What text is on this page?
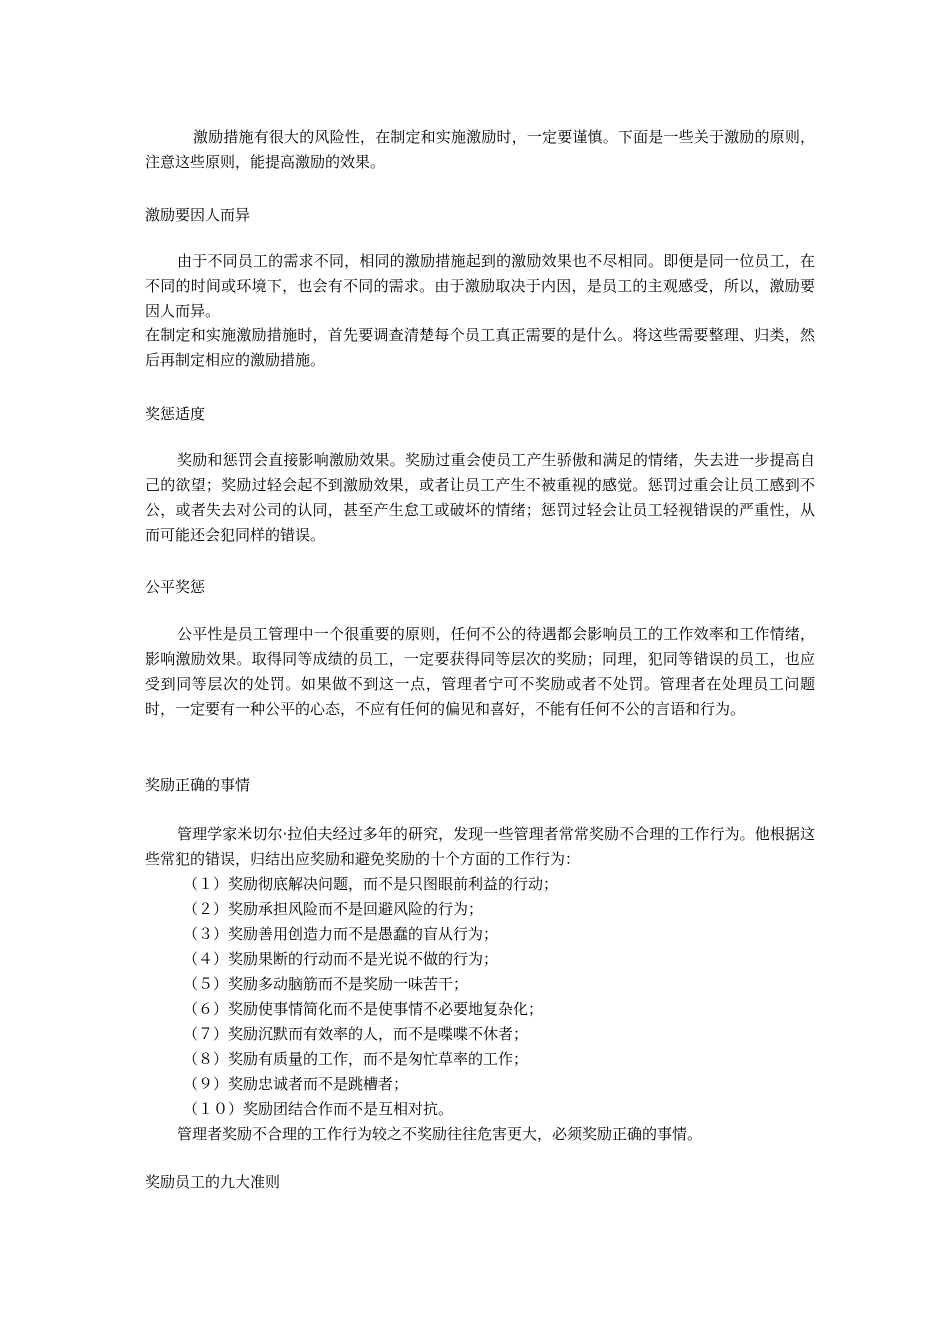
激励措施有很大的风险性，在制定和实施激励时，一定要谨慎。下面是一些关于激励的原则，注意这些原则，能提高激励的效果。

激励要因人而异

由于不同员工的需求不同，相同的激励措施起到的激励效果也不尽相同。即便是同一位员工，在不同的时间或环境下，也会有不同的需求。由于激励取决于内因，是员工的主观感受，所以，激励要因人而异。

在制定和实施激励措施时，首先要调查清楚每个员工真正需要的是什么。将这些需要整理、归类，然后再制定相应的激励措施。

奖惩适度

奖励和惩罚会直接影响激励效果。奖励过重会使员工产生骄傲和满足的情绪，失去进一步提高自己的欲望；奖励过轻会起不到激励效果，或者让员工产生不被重视的感觉。惩罚过重会让员工感到不公，或者失去对公司的认同，甚至产生怠工或破坏的情绪；惩罚过轻会让员工轻视错误的严重性，从而可能还会犯同样的错误。

公平奖惩

公平性是员工管理中一个很重要的原则，任何不公的待遇都会影响员工的工作效率和工作情绪，影响激励效果。取得同等成绩的员工，一定要获得同等层次的奖励；同理，犯同等错误的员工，也应受到同等层次的处罚。如果做不到这一点，管理者宁可不奖励或者不处罚。管理者在处理员工问题时，一定要有一种公平的心态，不应有任何的偏见和喜好，不能有任何不公的言语和行为。

奖励正确的事情

管理学家米切尔·拉伯夫经过多年的研究，发现一些管理者常常奖励不合理的工作行为。他根据这些常犯的错误，归结出应奖励和避免奖励的十个方面的工作行为：

（１）奖励彻底解决问题，而不是只图眼前利益的行动；

（２）奖励承担风险而不是回避风险的行为；

（３）奖励善用创造力而不是愚蠢的盲从行为；

（４）奖励果断的行动而不是光说不做的行为；

（５）奖励多动脑筋而不是奖励一味苦干；

（６）奖励使事情简化而不是使事情不必要地复杂化；

（７）奖励沉默而有效率的人，而不是喋喋不休者；

（８）奖励有质量的工作，而不是匆忙草率的工作；

（９）奖励忠诚者而不是跳槽者；

（１０）奖励团结合作而不是互相对抗。

管理者奖励不合理的工作行为较之不奖励往往危害更大，必须奖励正确的事情。

奖励员工的九大准则
